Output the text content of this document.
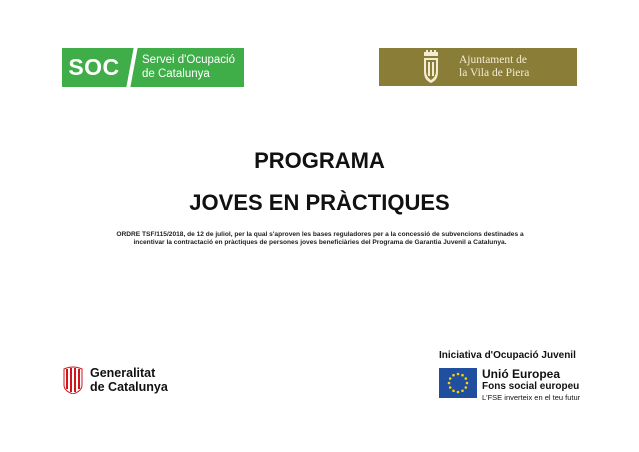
SOC	Servei d'Ocupació
de Catalunya
Ajuntament de
la Vila de Piera
PROGRAMA
JOVES EN PRÀCTIQUES
ORDRE TSF/115/2018, de 12 de juliol, per la qual s'aproven les bases reguladores per a la concessió de subvencions destinades a incentivar la contractació en pràctiques de persones joves beneficiàries del Programa de Garantia Juvenil a Catalunya.
Generalitat
de Catalunya
Iniciativa d'Ocupació Juvenil
Unió Europea
Fons social europeu
L'FSE inverteix en el teu futur
